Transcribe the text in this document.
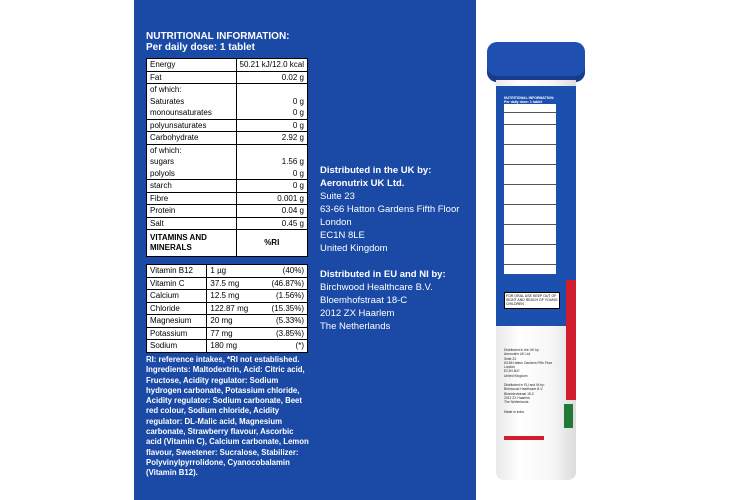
NUTRITIONAL INFORMATION:
Per daily dose: 1 tablet
Energy	50.21 kJ/12.0 kcal
Fat	0.02 g
of which:	
Saturates	0 g
monounsaturates	0 g
polyunsaturates	0 g
Carbohydrate	2.92 g
of which:	
sugars	1.56 g
polyols	0 g
starch	0 g
Fibre	0.001 g
Protein	0.04 g
Salt	0.45 g
VITAMINS AND MINERALS	%RI
Vitamin B12	1 µg	(40%)
Vitamin C	37.5 mg	(46.87%)
Calcium	12.5 mg	(1.56%)
Chloride	122.87 mg	(15.35%)
Magnesium	20 mg	(5.33%)
Potassium	77 mg	(3.85%)
Sodium	180 mg	(*)
RI: reference intakes, *RI not established.
Ingredients: Maltodextrin, Acid: Citric acid, Fructose, Acidity regulator: Sodium hydrogen carbonate, Potassium chloride, Acidity regulator: Sodium carbonate, Beet red colour, Sodium chloride, Acidity regulator: DL-Malic acid, Magnesium carbonate, Strawberry flavour, Ascorbic acid (Vitamin C), Calcium carbonate, Lemon flavour, Sweetener: Sucralose, Stabilizer: Polyvinylpyrrolidone, Cyanocobalamin (Vitamin B12).
Distributed in the UK by:
Aeronutrix UK Ltd.
Suite 23
63-66 Hatton Gardens Fifth Floor
London
EC1N 8LE
United Kingdom
Distributed in EU and NI by:
Birchwood Healthcare B.V.
Bloemhofstraat 18-C
2012 ZX Haarlem
The Netherlands
NUTRITIONAL INFORMATION:
Per daily dose: 1 tablet
FOR ORAL USE KEEP OUT OF SIGHT AND REACH OF YOUNG CHILDREN
Distributed in the UK by:
Aeronutrix UK Ltd.
Suite 23
63-66 Hatton Gardens Fifth Floor
London
EC1N 8LE
United Kingdom
Distributed in EU and NI by:
Birchwood Healthcare B.V.
Bloemhofstraat 18-C
2012 ZX Haarlem
The Netherlands
Made in India
